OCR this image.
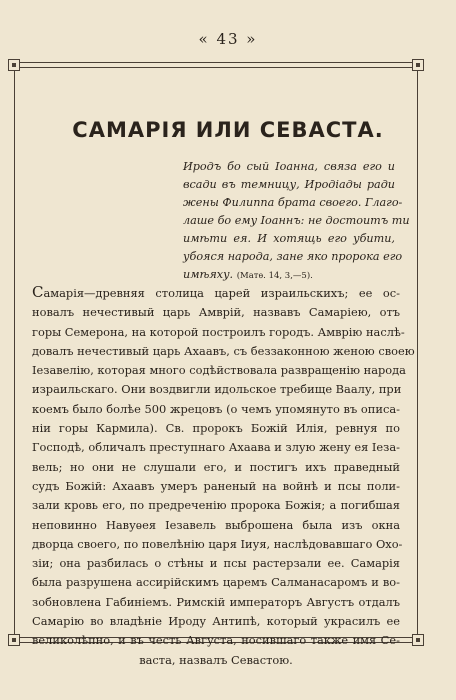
« 43 »
САМАРІЯ ИЛИ СЕВАСТА.
Иродъ бо сый Іоанна, связа его и
всади въ темницу, Иродіады ради
жены Филиппа брата своего. Глаго-
лаше бо ему Іоаннъ: не достоитъ ти
имѣти ея. И хотящь его убити,
убояся народа, зане яко пророка его
имѣяху. (Матѳ. 14, 3,—5).
Самарія—древняя столица царей израильскихъ; ее ос-
новалъ нечестивый царь Амврій, назвавъ Самаріею, отъ
горы Семерона, на которой построилъ городъ. Амврію наслѣ-
довалъ нечестивый царь Ахаавъ, съ беззаконною женою своею
Іезавелію, которая много содѣйствовала развращенію народа
израильскаго. Они воздвигли идольское требище Ваалу, при
коемъ было болѣе 500 жрецовъ (о чемъ упомянуто въ описа-
ніи горы Кармила). Св. пророкъ Божій Илія, ревнуя по
Господѣ, обличалъ преступнаго Ахаава и злую жену ея Іеза-
вель; но они не слушали его, и постигъ ихъ праведный
судъ Божій: Ахаавъ умеръ раненый на войнѣ и псы поли-
зали кровь его, по предреченію пророка Божія; а погибшая
неповинно Навуѳея Іезавель выброшена была изъ окна
дворца своего, по повелѣнію царя Іиуя, наслѣдовавшаго Охо-
зіи; она разбилась о стѣны и псы растерзали ее. Самарія
была разрушена ассирійскимъ царемъ Салманасаромъ и во-
зобновлена Габиніемъ. Римскій императоръ Августъ отдалъ
Самарію во владѣніе Ироду Антипѣ, который украсилъ ее
великолѣпно, и въ честь Августа, носившаго также имя Се-
васта, назвалъ Севастою.
